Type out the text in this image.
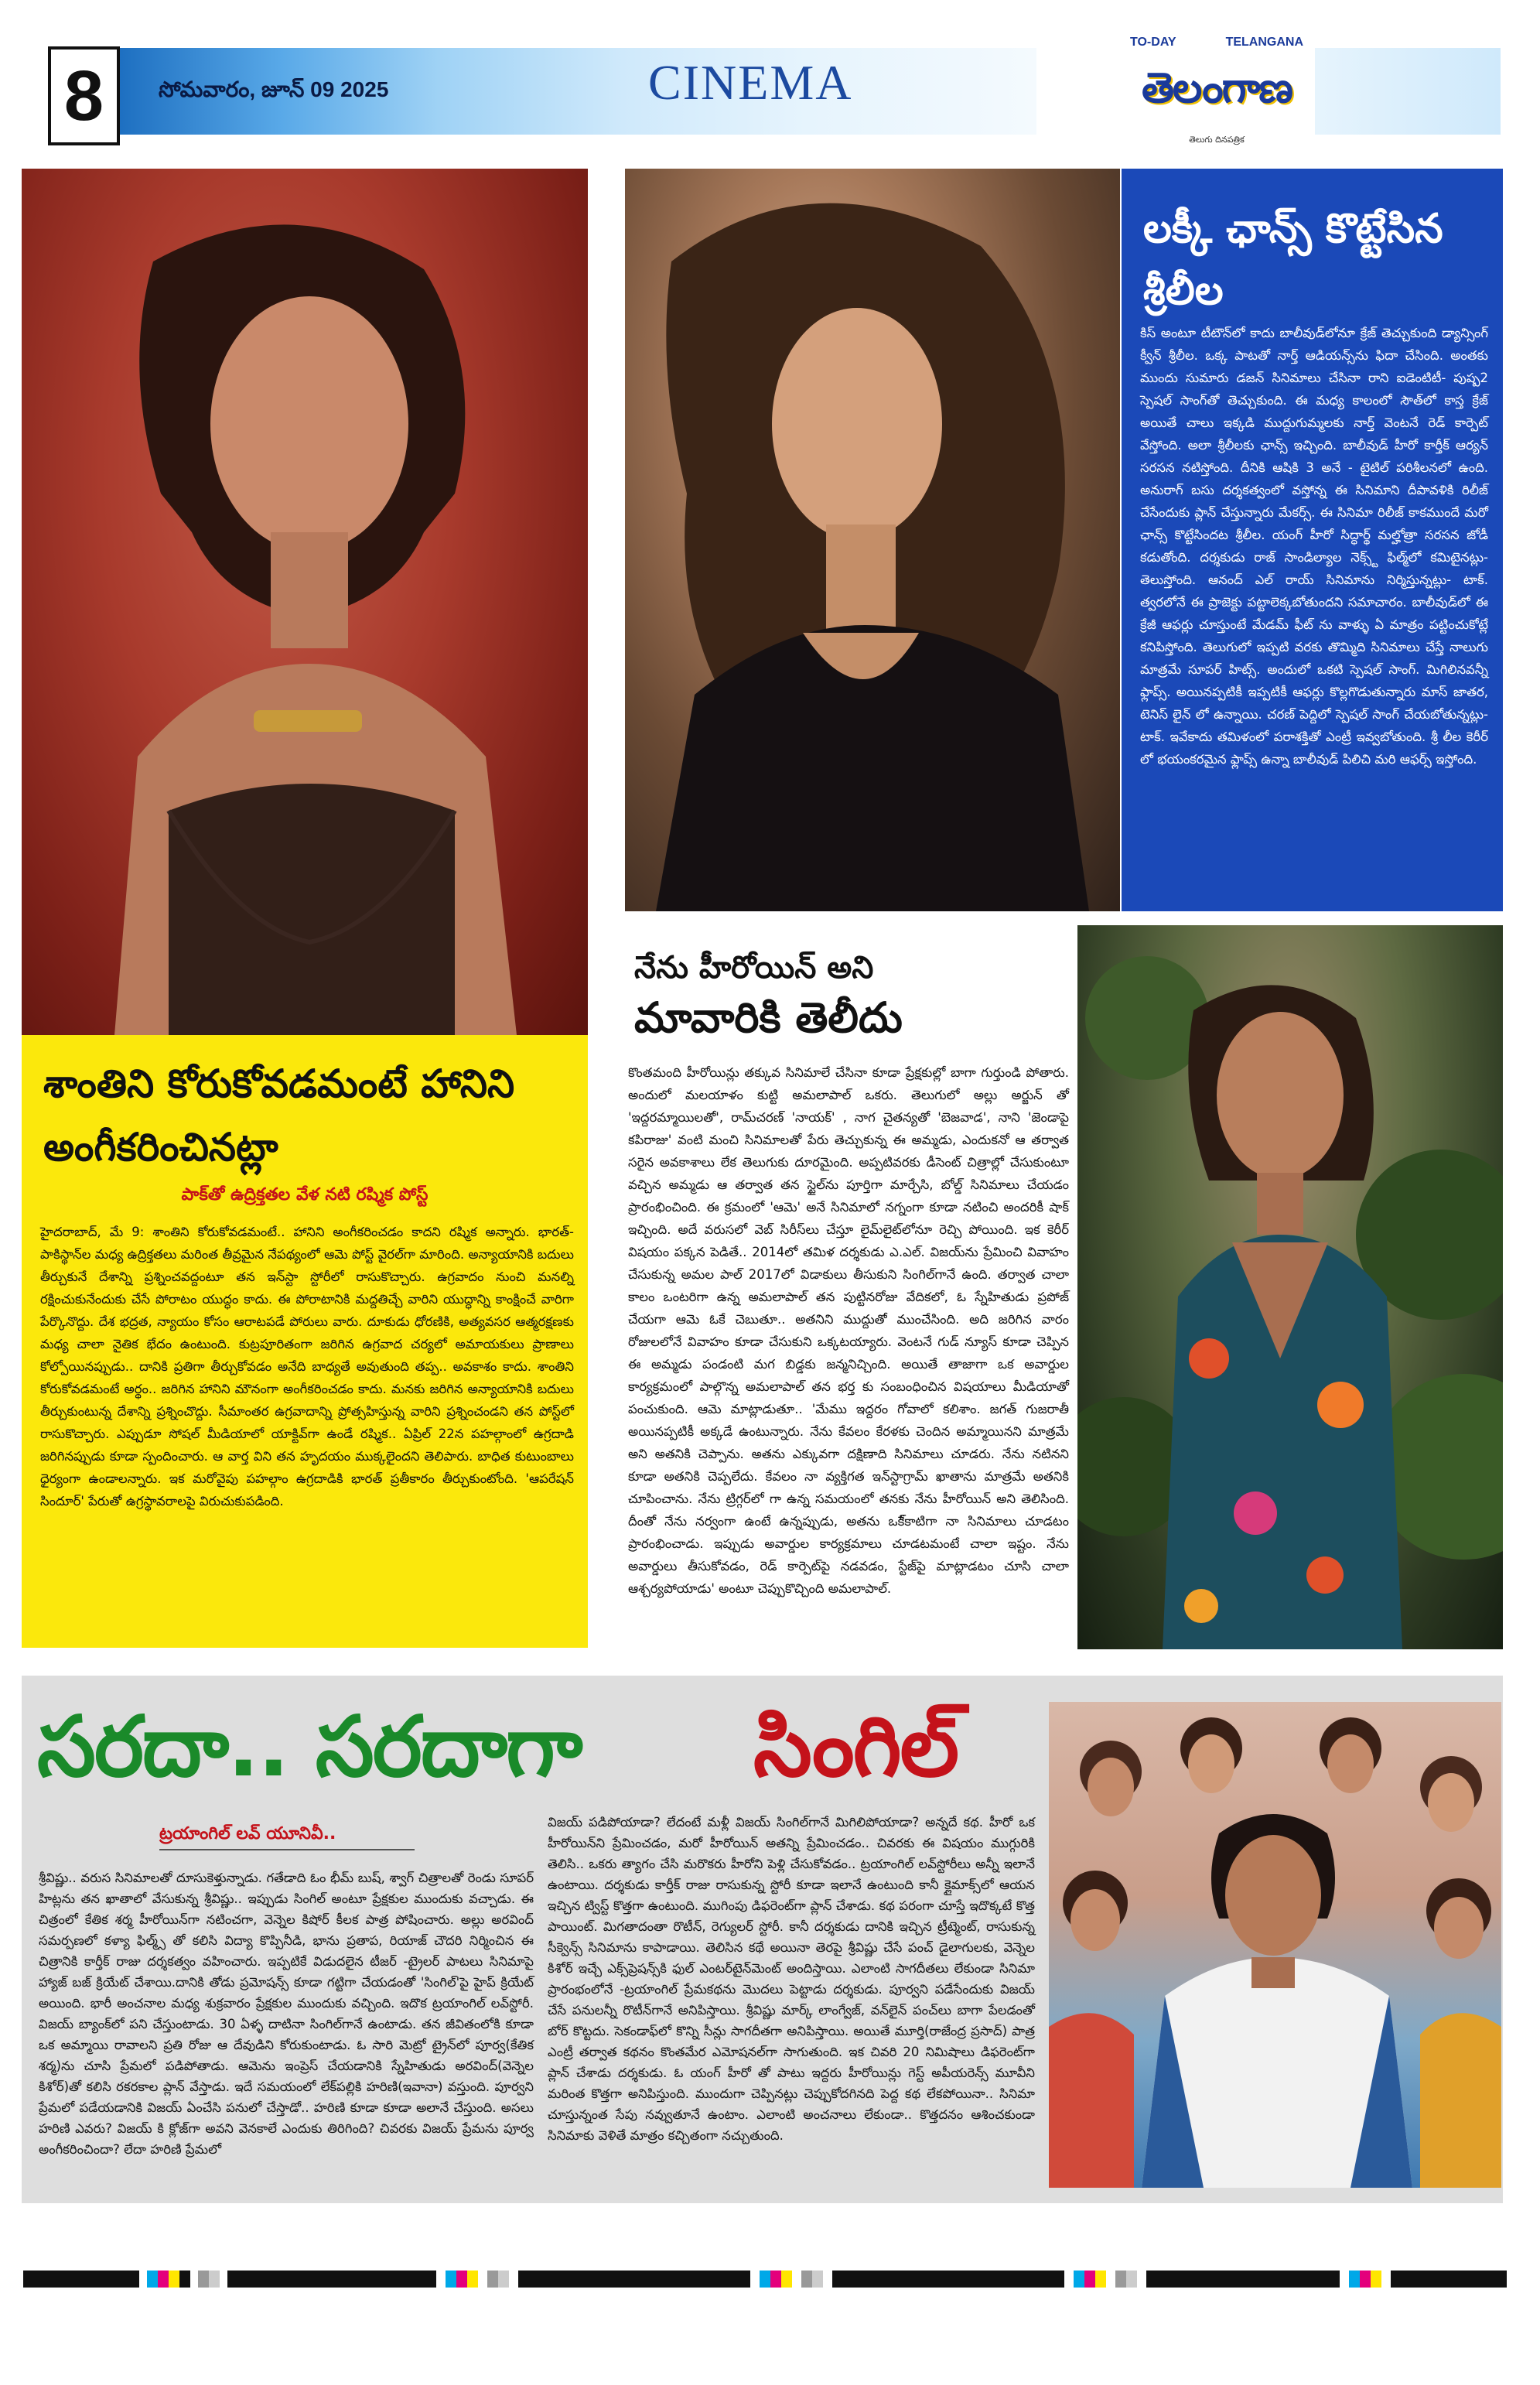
8	సోమవారం, జూన్ 09 2025	CINEMA
TO-DAY	TELANGANA
తెలంగాణ
తెలుగు దినపత్రిక
లక్కీ ఛాన్స్ కొట్టేసిన శ్రీలీల
కిస్ అంటూ టీటౌన్‌లో కాదు బాలీవుడ్‌లోనూ క్రేజ్ తెచ్చుకుంది డ్యాన్సింగ్ క్వీన్ శ్రీలీల. ఒక్క పాటతో నార్త్ ఆడియన్స్‌ను ఫిదా చేసింది. అంతకు ముందు సుమారు డజన్ సినిమాలు చేసినా రాని ఐడెంటిటీ- పుష్ప2 స్పెషల్ సాంగ్‌తో తెచ్చుకుంది. ఈ మధ్య కాలంలో సౌత్‌లో కాస్త క్రేజ్ అయితే చాలు ఇక్కడి ముద్దుగుమ్మలకు నార్త్ వెంటనే రెడ్ కార్పెట్ వేస్తోంది. అలా శ్రీలీలకు ఛాన్స్ ఇచ్చింది. బాలీవుడ్ హీరో కార్తీక్ ఆర్యన్ సరసన నటిస్తోంది. దీనికి ఆషికి 3 అనే - టైటిల్ పరిశీలనలో ఉంది. అనురాగ్ బసు దర్శకత్వంలో వస్తోన్న ఈ సినిమాని దీపావళికి రిలీజ్ చేసేందుకు ప్లాన్ చేస్తున్నారు మేకర్స్. ఈ సినిమా రిలీజ్ కాకముందే మరో ఛాన్స్ కొట్టేసిందట శ్రీలీల. యంగ్ హీరో సిద్ధార్థ్ మల్హోత్రా సరసన జోడీ కడుతోంది. దర్శకుడు రాజ్ సాండిల్యాల నెక్స్ట్ ఫిల్మ్‌లో కమిటైనట్లు- తెలుస్తోంది. ఆనంద్ ఎల్ రాయ్ సినిమాను నిర్మిస్తున్నట్లు- టాక్. త్వరలోనే ఈ ప్రాజెక్టు పట్టాలెక్కబోతుందని సమాచారం. బాలీవుడ్‌లో ఈ క్రేజీ ఆఫర్లు చూస్తుంటే మేడమ్ ఫీట్ ను వాళ్ళు ఏ మాత్రం పట్టించుకోట్లే కనిపిస్తోంది. తెలుగులో ఇప్పటి వరకు తొమ్మిది సినిమాలు చేస్తే నాలుగు మాత్రమే సూపర్ హిట్స్. అందులో ఒకటి స్పెషల్ సాంగ్. మిగిలినవన్నీ ఫ్లాప్స్. అయినప్పటికీ ఇప్పటికీ ఆఫర్లు కొల్లగొడుతున్నారు మాస్ జాతర, టెనిస్ లైన్ లో ఉన్నాయి. చరణ్ పెద్దిలో స్పెషల్ సాంగ్ చేయబోతున్నట్లు- టాక్. ఇవేకాదు తమిళంలో పరాశక్తితో ఎంట్రీ ఇవ్వబోతుంది. శ్రీ లీల కెరీర్ లో భయంకరమైన ఫ్లాప్స్ ఉన్నా బాలీవుడ్ పిలిచి మరి ఆఫర్స్ ఇస్తోంది.
శాంతిని కోరుకోవడమంటే హానిని అంగీకరించినట్లా
పాక్‌తో ఉద్రిక్తతల వేళ నటి రష్మిక పోస్ట్
హైదరాబాద్, మే 9: శాంతిని కోరుకోవడమంటే.. హానిని అంగీకరించడం కాదని రష్మిక అన్నారు. భారత్- పాకిస్థాన్‌ల మధ్య ఉద్రిక్తతలు మరింత తీవ్రమైన నేపథ్యంలో ఆమె పోస్ట్ వైరల్‌గా మారింది. అన్యాయానికి బదులు తీర్చుకునే దేశాన్ని ప్రశ్నించవద్దంటూ తన ఇన్‌స్టా స్టోరీలో రాసుకొచ్చారు. ఉగ్రవాదం నుంచి మనల్ని రక్షించుకునేందుకు చేసే పోరాటం యుద్ధం కాదు. ఈ పోరాటానికి మద్దతిచ్చే వారిని యుద్ధాన్ని కాంక్షించే వారిగా పేర్కొనొద్దు. దేశ భద్రత, న్యాయం కోసం ఆరాటపడే పోరులు వారు. దూకుడు ధోరణికి, అత్యవసర ఆత్మరక్షణకు మధ్య చాలా నైతిక భేదం ఉంటుంది. కుట్రపూరితంగా జరిగిన ఉగ్రవాద చర్యలో అమాయకులు ప్రాణాలు కోల్పోయినప్పుడు.. దానికి ప్రతిగా తీర్చుకోవడం అనేది బాధ్యతే అవుతుంది తప్ప.. అవకాశం కాదు. శాంతిని కోరుకోవడమంటే అర్థం.. జరిగిన హానిని మౌనంగా అంగీకరించడం కాదు. మనకు జరిగిన అన్యాయానికి బదులు తీర్చుకుంటున్న దేశాన్ని ప్రశ్నించొద్దు. సీమాంతర ఉగ్రవాదాన్ని ప్రోత్సహిస్తున్న వారిని ప్రశ్నించండని తన పోస్ట్‌లో రాసుకొచ్చారు. ఎప్పుడూ సోషల్ మీడియాలో యాక్టివ్‌గా ఉండే రష్మిక.. ఏప్రిల్ 22న పహల్గాంలో ఉగ్రదాడి జరిగినప్పుడు కూడా స్పందించారు. ఆ వార్త విని తన హృదయం ముక్కలైందని తెలిపారు. బాధిత కుటుంబాలు ధైర్యంగా ఉండాలన్నారు. ఇక మరోవైపు పహల్గాం ఉగ్రదాడికి భారత్ ప్రతీకారం తీర్చుకుంటోంది. 'ఆపరేషన్ సిందూర్' పేరుతో ఉగ్రస్థావరాలపై విరుచుకుపడింది.
నేను హీరోయిన్ అని
మావారికి తెలీదు
కొంతమంది హీరోయిన్లు తక్కువ సినిమాలే చేసినా కూడా ప్రేక్షకుల్లో బాగా గుర్తుండి పోతారు. అందులో మలయాళం కుట్టి అమలాపాల్ ఒకరు. తెలుగులో అల్లు అర్జున్ తో 'ఇద్దరమ్మాయిలతో', రామ్‌చరణ్ 'నాయక్' , నాగ చైతన్యతో 'బెజవాడ', నాని 'జెండాపై కపిరాజు' వంటి మంచి సినిమాలతో పేరు తెచ్చుకున్న ఈ అమ్మడు, ఎందుకనో ఆ తర్వాత సరైన అవకాశాలు లేక తెలుగుకు దూరమైంది. అప్పటివరకు డీసెంట్ చిత్రాల్లో చేసుకుంటూ వచ్చిన అమ్మడు ఆ తర్వాత తన స్టైల్‌ను పూర్తిగా మార్చేసి, బోల్డ్ సినిమాలు చేయడం ప్రారంభించింది. ఈ క్రమంలో 'ఆమె' అనే సినిమాలో నగ్నంగా కూడా నటించి అందరికీ షాక్ ఇచ్చింది. అదే వరుసలో వెబ్ సిరీస్‌లు చేస్తూ లైమ్‌లైట్‌లోనూ రెచ్చి పోయింది. ఇక కెరీర్ విషయం పక్కన పెడితే.. 2014లో తమిళ దర్శకుడు ఎ.ఎల్. విజయ్‌ను ప్రేమించి వివాహం చేసుకున్న అమల పాల్ 2017లో విడాకులు తీసుకుని సింగిల్‌గానే ఉంది. తర్వాత చాలా కాలం ఒంటరిగా ఉన్న అమలాపాల్ తన పుట్టినరోజు వేదికలో, ఓ స్నేహితుడు ప్రపోజ్ చేయగా ఆమె ఓకే చెబుతూ.. అతనిని ముద్దుతో ముంచేసింది. అది జరిగిన వారం రోజులలోనే వివాహం కూడా చేసుకుని ఒక్కటయ్యారు. వెంటనే గుడ్ న్యూస్ కూడా చెప్పిన ఈ అమ్మడు పండంటి మగ బిడ్డకు జన్మనిచ్చింది. అయితే తాజాగా ఒక అవార్డుల కార్యక్రమంలో పాల్గొన్న అమలాపాల్ తన భర్త కు సంబంధించిన విషయాలు మీడియాతో పంచుకుంది. ఆమె మాట్లాడుతూ.. 'మేము ఇద్దరం గోవాలో కలిశాం. జగత్ గుజరాతీ అయినప్పటికీ అక్కడే ఉంటున్నారు. నేను కేవలం కేరళకు చెందిన అమ్మాయినని మాత్రమే అని అతనికి చెప్పాను. అతను ఎక్కువగా దక్షిణాది సినిమాలు చూడరు. నేను నటినని కూడా అతనికి చెప్పలేదు. కేవలం నా వ్యక్తిగత ఇన్‌స్టాగ్రామ్ ఖాతాను మాత్రమే అతనికి చూపించాను. నేను ట్రిగ్గర్‌లో గా ఉన్న సమయంలో తనకు నేను హీరోయిన్ అని తెలిసింది. దీంతో నేను నర్వంగా ఉంటే ఉన్నప్పుడు, అతను ఒకే్కాటిగా నా సినిమాలు చూడటం ప్రారంభించాడు. ఇప్పుడు అవార్డుల కార్యక్రమాలు చూడటమంటే చాలా ఇష్టం. నేను అవార్డులు తీసుకోవడం, రెడ్ కార్పెట్‌పై నడవడం, స్టేజ్‌పై మాట్లాడటం చూసి చాలా ఆశ్చర్యపోయాడు' అంటూ చెప్పుకొచ్చింది అమలాపాల్.
సరదా.. సరదాగా సింగిల్
ట్రయాంగిల్ లవ్ యూనివీ..
శ్రీవిష్ణు.. వరుస సినిమాలతో దూసుకెళ్తున్నాడు. గతేడాది ఓం భీమ్ బుష్, శ్వాగ్ చిత్రాలతో రెండు సూపర్ హిట్లను తన ఖాతాలో వేసుకున్న శ్రీవిష్ణు.. ఇప్పుడు సింగిల్ అంటూ ప్రేక్షకుల ముందుకు వచ్చాడు. ఈ చిత్రంలో కేతిక శర్మ హీరోయిన్‌గా నటించగా, వెన్నెల కిషోర్ కీలక పాత్ర పోషించారు. అల్లు అరవింద్ సమర్పణలో కళ్యా ఫిల్మ్స్ తో కలిసి విద్యా కొప్పినీడి, భాను ప్రతాప, రియాజ్ చౌదరి నిర్మించిన ఈ చిత్రానికి కార్తీక్ రాజు దర్శకత్వం వహించారు. ఇప్పటికే విడుదలైన టీజర్ -ట్రైలర్ పాటలు సినిమాపై హ్యాజ్ బజ్ క్రియేట్ చేశాయి.దానికి తోడు ప్రమోషన్స్ కూడా గట్టిగా చేయడంతో 'సింగిల్'పై హైప్ క్రియేట్ అయింది. భారీ అంచనాల మధ్య శుక్రవారం ప్రేక్షకుల ముందుకు వచ్చింది. ఇదొక ట్రయాంగిల్ లవ్‌స్టోరీ. విజయ్ బ్యాంక్‌లో పని చేస్తుంటాడు. 30 ఏళ్ళ దాటినా సింగిల్‌గానే ఉంటాడు. తన జీవితంలోకి కూడా ఒక అమ్మాయి రావాలని ప్రతి రోజు ఆ దేవుడిని కోరుకుంటాడు. ఓ సారి మెట్రో ట్రైన్‌లో పూర్వ(కేతిక శర్మ)ను చూసి ప్రేమలో పడిపోతాడు. ఆమెను ఇంప్రెస్ చేయడానికి స్నేహితుడు అరవింద్(వెన్నెల కిశోర్)తో కలిసి రకరకాల ప్లాన్ వేస్తాడు. ఇదే సమయంలో లేక్‌పల్లికి హరిణి(ఇవానా) వస్తుంది. పూర్వని ప్రేమలో పడేయడానికి విజయ్ ఏంచేసి పనులో చేస్తాడో.. హరిణి కూడా కూడా అలానే చేస్తుంది. అసలు హరిణి ఎవరు? విజయ్ కి క్లోజ్‌గా అవని వెనకాలే ఎందుకు తిరిగింది? చివరకు విజయ్ ప్రేమను పూర్వ అంగీకరించిందా? లేదా హరిణి ప్రేమలో
విజయ్ పడిపోయాడా? లేదంటే మళ్లీ విజయ్ సింగిల్‌గానే మిగిలిపోయాడా? అన్నదే కథ. హీరో ఒక హీరోయిన్‌ని ప్రేమించడం, మరో హీరోయిన్ అతన్ని ప్రేమించడం.. చివరకు ఈ విషయం ముగ్గురికి తెలిసి.. ఒకరు త్యాగం చేసి మరొకరు హీరోని పెళ్లి చేసుకోవడం.. ట్రయాంగిల్ లవ్‌స్టోరీలు అన్నీ ఇలానే ఉంటాయి. దర్శకుడు కార్తీక్ రాజు రాసుకున్న స్టోరీ కూడా ఇలానే ఉంటుంది కానీ క్లైమాక్స్‌లో ఆయన ఇచ్చిన ట్విస్ట్ కొత్తగా ఉంటుంది. ముగింపు డిఫరెంట్‌గా ప్లాన్ చేశాడు. కథ పరంగా చూస్తే ఇదొక్కటే కొత్త పాయింట్. మిగతాదంతా రొటీన్, రెగ్యులర్ స్టోరీ. కానీ దర్శకుడు దానికి ఇచ్చిన ట్రీట్మెంట్, రాసుకున్న సీక్వెన్స్ సినిమాను కాపాడాయి. తెలిసిన కథే అయినా తెరపై శ్రీవిష్ణు చేసే పంచ్ డైలాగులకు, వెన్నెల కిశోర్ ఇచ్చే ఎక్స్‌ప్రెషన్స్‌కి ఫుల్ ఎంటర్‌టైన్‌మెంట్ అందిస్తాయి. ఎలాంటి సాగదీతలు లేకుండా సినిమా ప్రారంభంలోనే -ట్రయాంగిల్ ప్రేమకథను మొదలు పెట్టాడు దర్శకుడు. పూర్వని పడేసేందుకు విజయ్ చేసే పనులన్నీ రొటీన్‌గానే అనిపిస్తాయి. శ్రీవిష్ణు మార్క్ లాంగ్వేజ్, వన్‌లైన్ పంచ్‌లు బాగా పేలడంతో బోర్ కొట్టదు. సెకండాఫ్‌లో కొన్ని సీన్లు సాగదీతగా అనిపిస్తాయి. అయితే మూర్తి(రాజేంద్ర ప్రసాద్) పాత్ర ఎంట్రీ తర్వాత కథనం కొంతమేర ఎమోషనల్‌గా సాగుతుంది. ఇక చివరి 20 నిమిషాలు డిఫరెంట్‌గా ప్లాన్ చేశాడు దర్శకుడు. ఓ యంగ్ హీరో తో పాటు ఇద్దరు హీరోయిన్లు గెస్ట్ అపీయరెన్స్ మూవీని మరింత కొత్తగా అనిపిస్తుంది. ముందుగా చెప్పినట్లు చెప్పుకోదగినది పెద్ద కథ లేకపోయినా.. సినిమా చూస్తున్నంత సేపు నవ్వుతూనే ఉంటాం. ఎలాంటి అంచనాలు లేకుండా.. కొత్తదనం ఆశించకుండా సినిమాకు వెళితే మాత్రం కచ్చితంగా నచ్చుతుంది.
